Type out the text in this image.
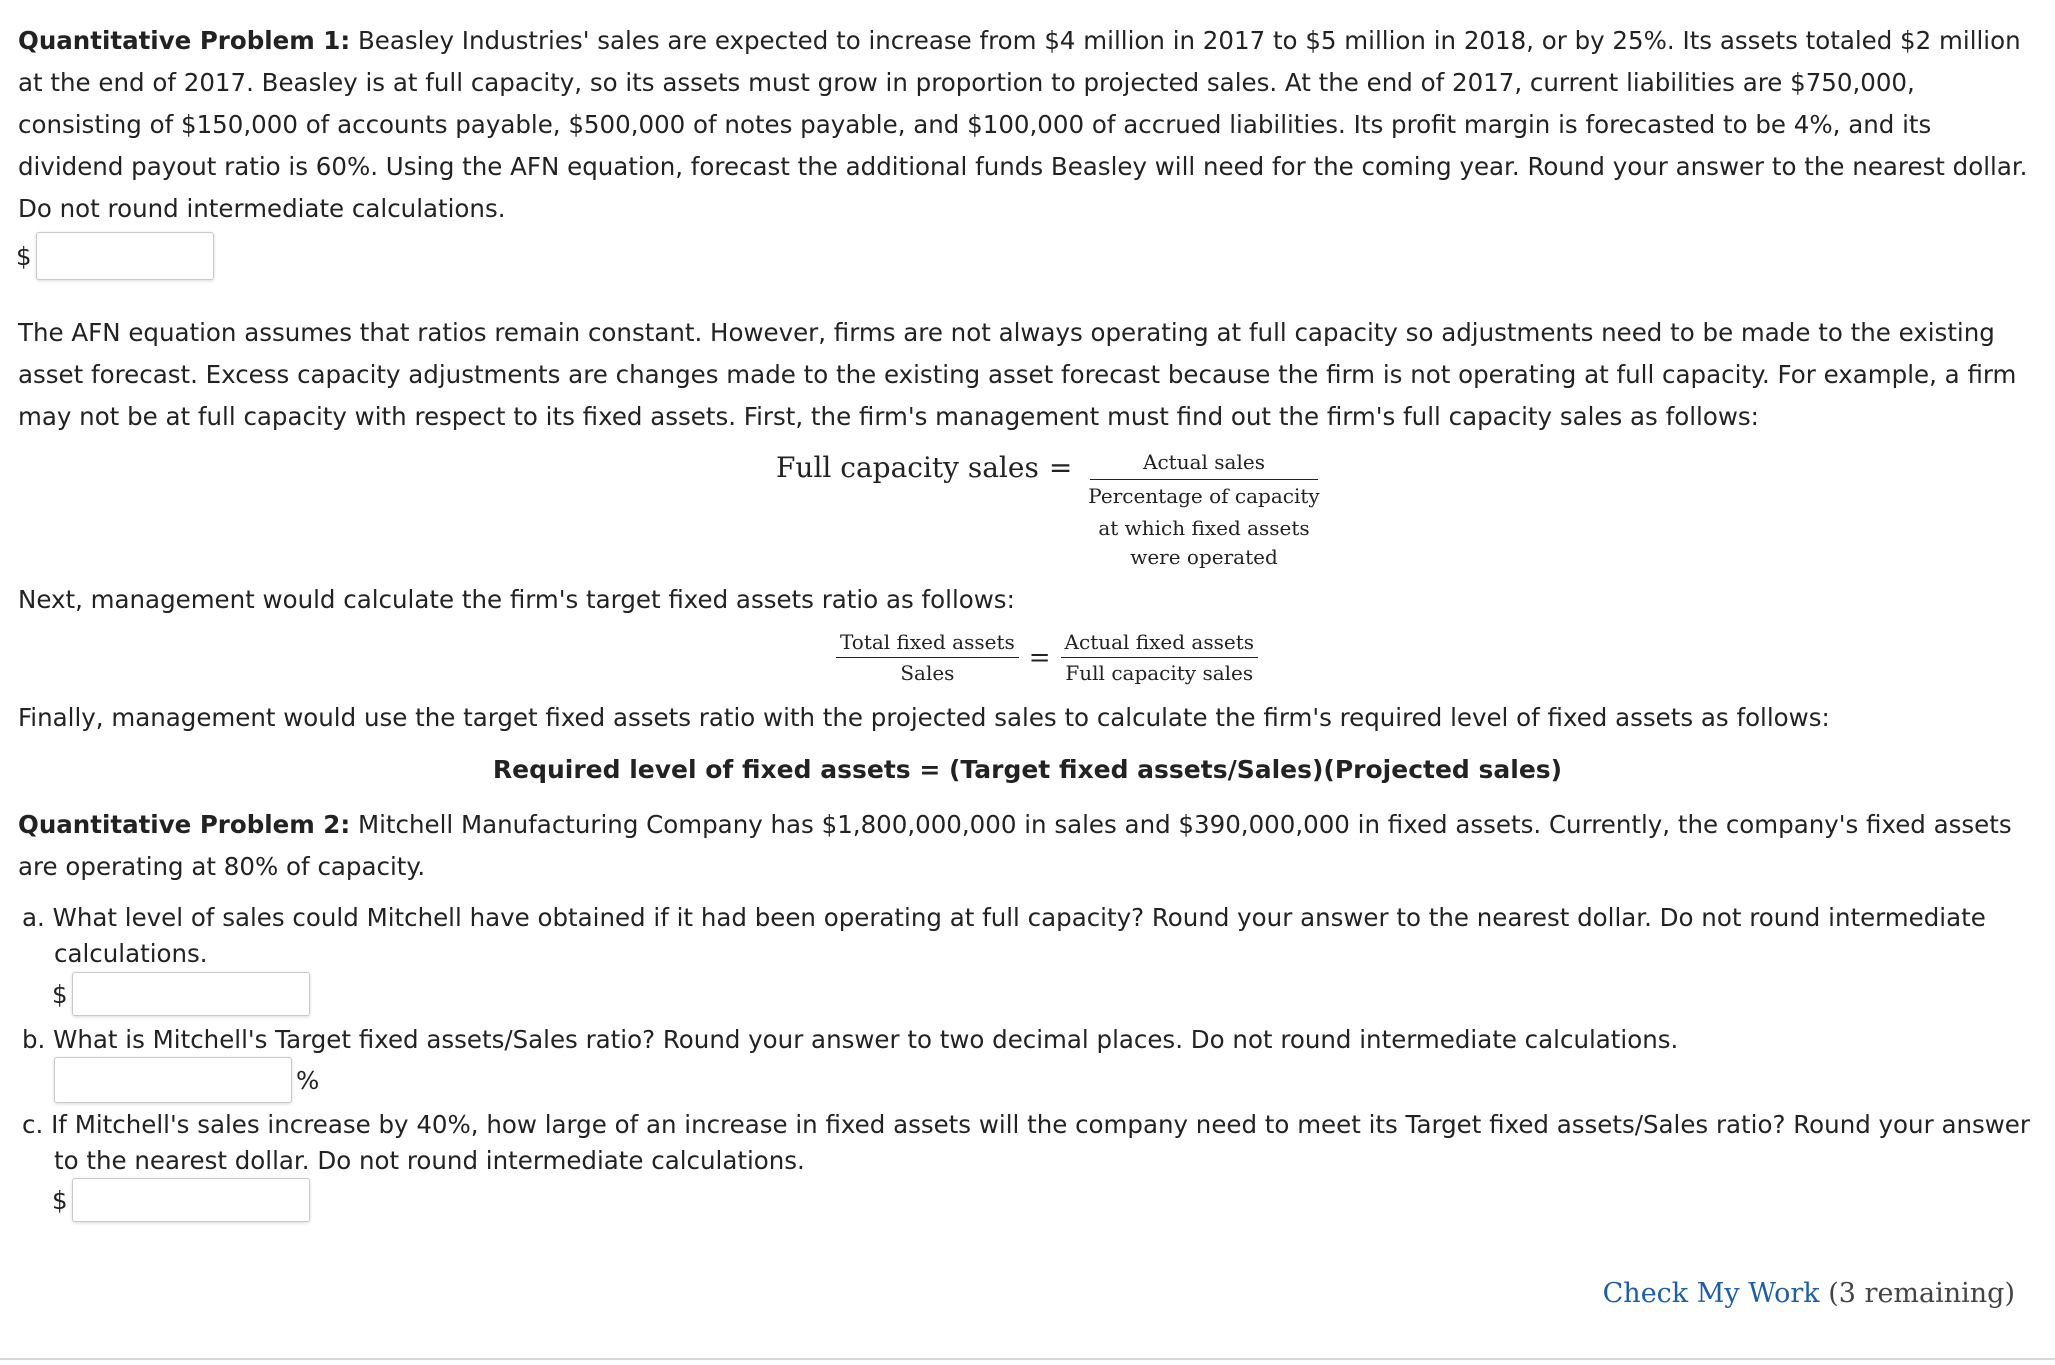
Quantitative Problem 1: Beasley Industries' sales are expected to increase from $4 million in 2017 to $5 million in 2018, or by 25%. Its assets totaled $2 million at the end of 2017. Beasley is at full capacity, so its assets must grow in proportion to projected sales. At the end of 2017, current liabilities are $750,000, consisting of $150,000 of accounts payable, $500,000 of notes payable, and $100,000 of accrued liabilities. Its profit margin is forecasted to be 4%, and its dividend payout ratio is 60%. Using the AFN equation, forecast the additional funds Beasley will need for the coming year. Round your answer to the nearest dollar. Do not round intermediate calculations.

$

The AFN equation assumes that ratios remain constant. However, firms are not always operating at full capacity so adjustments need to be made to the existing asset forecast. Excess capacity adjustments are changes made to the existing asset forecast because the firm is not operating at full capacity. For example, a firm may not be at full capacity with respect to its fixed assets. First, the firm's management must find out the firm's full capacity sales as follows:

Full capacity sales =	Actual sales
Percentage of capacity
at which fixed assets
were operated

Next, management would calculate the firm's target fixed assets ratio as follows:

$\frac{\text{Total fixed assets}}{\text{Sales}} = \frac{\text{Actual fixed assets}}{\text{Full capacity sales}}$

Finally, management would use the target fixed assets ratio with the projected sales to calculate the firm's required level of fixed assets as follows:

Required level of fixed assets = (Target fixed assets/Sales)(Projected sales)

Quantitative Problem 2: Mitchell Manufacturing Company has $1,800,000,000 in sales and $390,000,000 in fixed assets. Currently, the company's fixed assets are operating at 80% of capacity.

a. What level of sales could Mitchell have obtained if it had been operating at full capacity? Round your answer to the nearest dollar. Do not round intermediate calculations.
$
b. What is Mitchell's Target fixed assets/Sales ratio? Round your answer to two decimal places. Do not round intermediate calculations.
%
c. If Mitchell's sales increase by 40%, how large of an increase in fixed assets will the company need to meet its Target fixed assets/Sales ratio? Round your answer to the nearest dollar. Do not round intermediate calculations.
$
Check My Work (3 remaining)
